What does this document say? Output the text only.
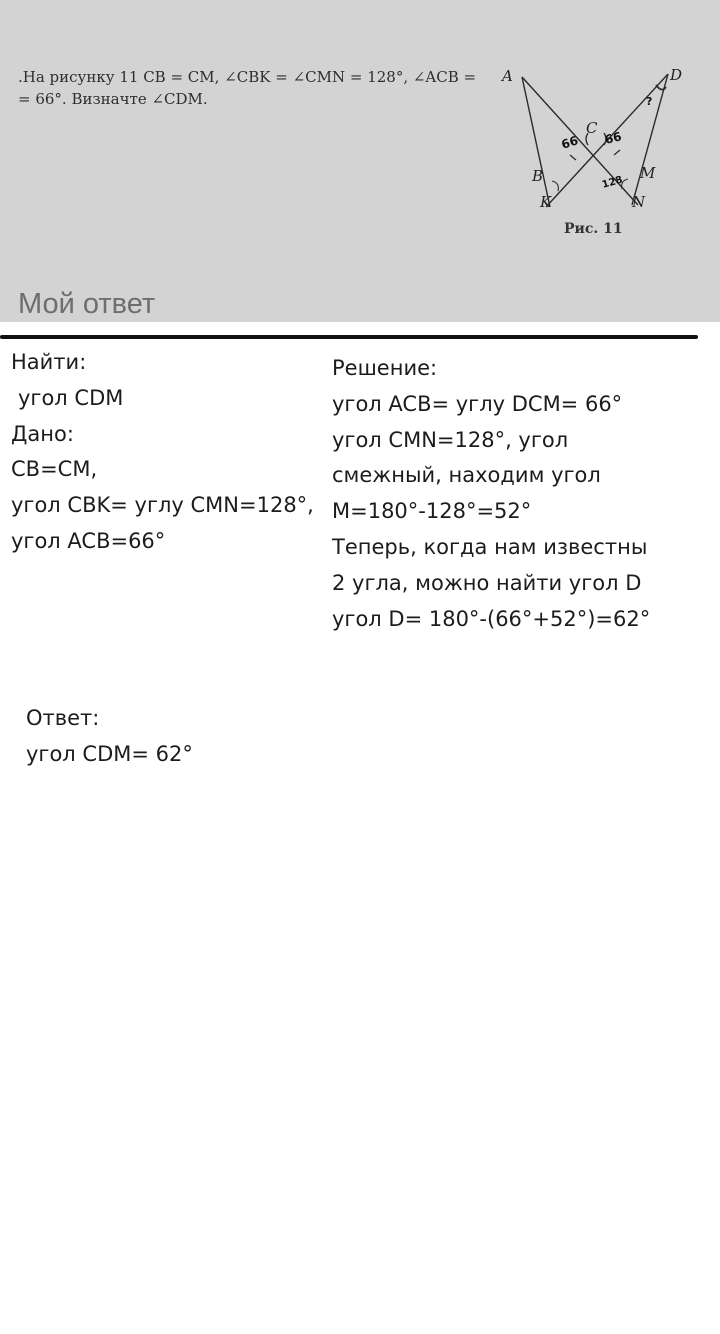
.На рисунку 11 CB = CM, ∠CBK = ∠CMN = 128°, ∠ACB =
= 66°. Визначте ∠CDM.
A	D
C
B	M
K	N
66 66
128
?
Рис. 11
Мой ответ
Найти:
угол CDM
Дано:
CB=CM,
угол CBK= углу CMN=128°,
угол ACB=66°
Решение:
угол ACB= углу DCM= 66°
угол CMN=128°, угол
смежный, находим угол
M=180°-128°=52°
Теперь, когда нам известны
2 угла, можно найти угол D
угол D= 180°-(66°+52°)=62°
Ответ:
угол CDM= 62°
